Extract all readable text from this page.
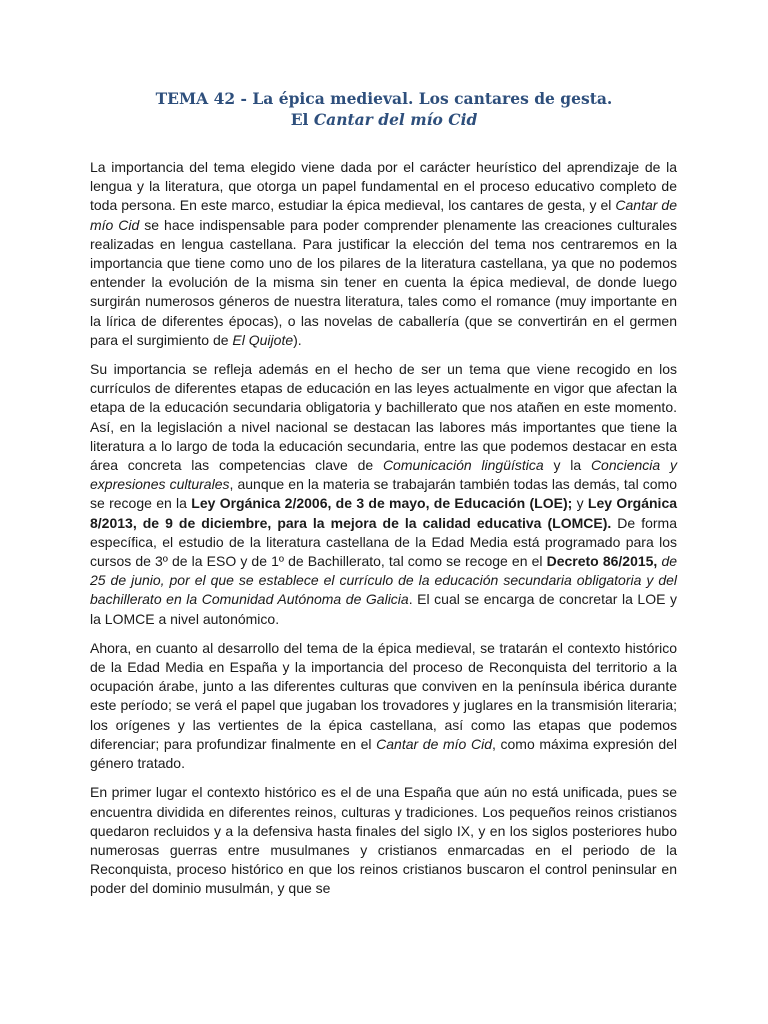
TEMA 42 - La épica medieval. Los cantares de gesta.
El Cantar del mío Cid

La importancia del tema elegido viene dada por el carácter heurístico del aprendizaje de la lengua y la literatura, que otorga un papel fundamental en el proceso educativo completo de toda persona. En este marco, estudiar la épica medieval, los cantares de gesta, y el Cantar de mío Cid se hace indispensable para poder comprender plenamente las creaciones culturales realizadas en lengua castellana. Para justificar la elección del tema nos centraremos en la importancia que tiene como uno de los pilares de la literatura castellana, ya que no podemos entender la evolución de la misma sin tener en cuenta la épica medieval, de donde luego surgirán numerosos géneros de nuestra literatura, tales como el romance (muy importante en la lírica de diferentes épocas), o las novelas de caballería (que se convertirán en el germen para el surgimiento de El Quijote).

Su importancia se refleja además en el hecho de ser un tema que viene recogido en los currículos de diferentes etapas de educación en las leyes actualmente en vigor que afectan la etapa de la educación secundaria obligatoria y bachillerato que nos atañen en este momento. Así, en la legislación a nivel nacional se destacan las labores más importantes que tiene la literatura a lo largo de toda la educación secundaria, entre las que podemos destacar en esta área concreta las competencias clave de Comunicación lingüística y la Conciencia y expresiones culturales, aunque en la materia se trabajarán también todas las demás, tal como se recoge en la Ley Orgánica 2/2006, de 3 de mayo, de Educación (LOE); y Ley Orgánica 8/2013, de 9 de diciembre, para la mejora de la calidad educativa (LOMCE). De forma específica, el estudio de la literatura castellana de la Edad Media está programado para los cursos de 3º de la ESO y de 1º de Bachillerato, tal como se recoge en el Decreto 86/2015, de 25 de junio, por el que se establece el currículo de la educación secundaria obligatoria y del bachillerato en la Comunidad Autónoma de Galicia. El cual se encarga de concretar la LOE y la LOMCE a nivel autonómico.

Ahora, en cuanto al desarrollo del tema de la épica medieval, se tratarán el contexto histórico de la Edad Media en España y la importancia del proceso de Reconquista del territorio a la ocupación árabe, junto a las diferentes culturas que conviven en la península ibérica durante este período; se verá el papel que jugaban los trovadores y juglares en la transmisión literaria; los orígenes y las vertientes de la épica castellana, así como las etapas que podemos diferenciar; para profundizar finalmente en el Cantar de mío Cid, como máxima expresión del género tratado.

En primer lugar el contexto histórico es el de una España que aún no está unificada, pues se encuentra dividida en diferentes reinos, culturas y tradiciones. Los pequeños reinos cristianos quedaron recluidos y a la defensiva hasta finales del siglo IX, y en los siglos posteriores hubo numerosas guerras entre musulmanes y cristianos enmarcadas en el periodo de la Reconquista, proceso histórico en que los reinos cristianos buscaron el control peninsular en poder del dominio musulmán, y que se
